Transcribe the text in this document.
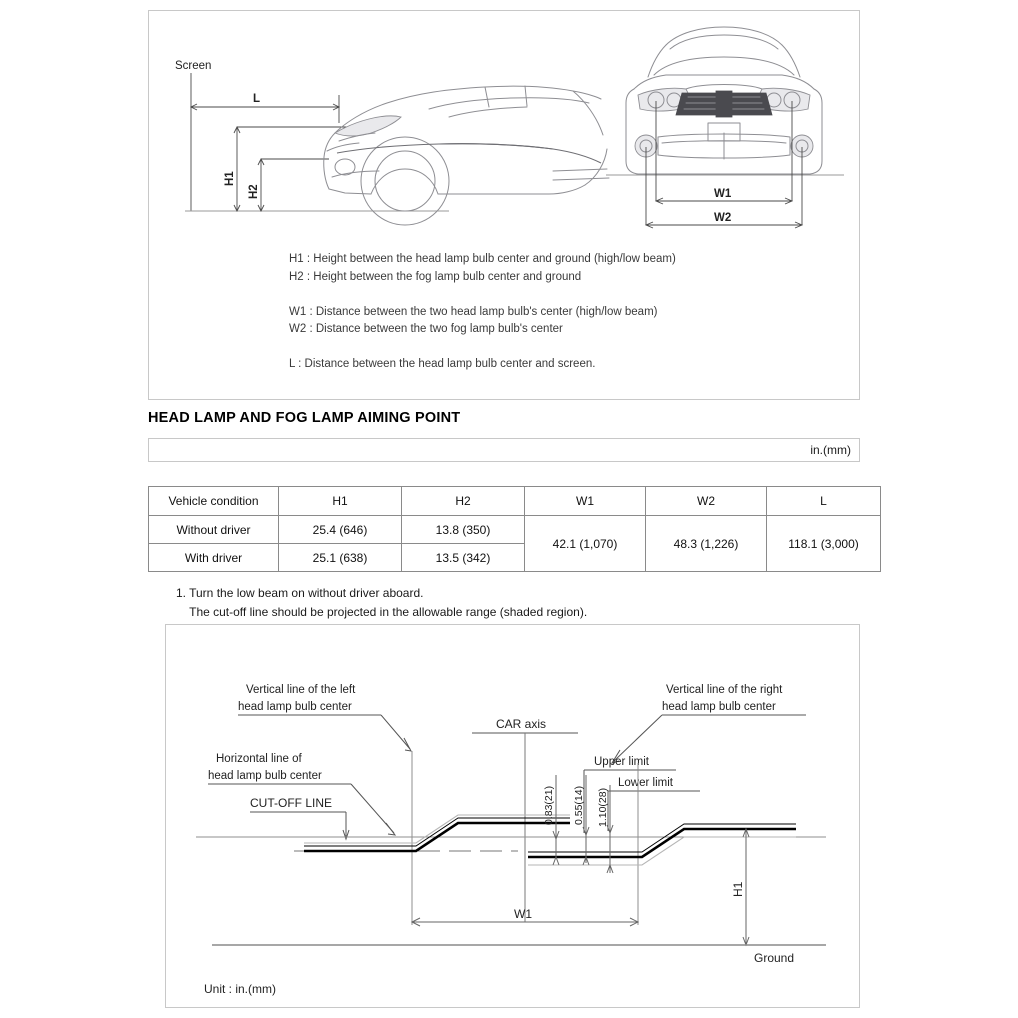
Screen
L
H1
H2	W1
W2
H1 : Height between the head lamp bulb center and ground (high/low beam)
H2 : Height between the fog lamp bulb center and ground

W1 : Distance between the two head lamp bulb's center (high/low beam)
W2 : Distance between the two fog lamp bulb's center

L : Distance between the head lamp bulb center and screen.
HEAD LAMP AND FOG LAMP AIMING POINT
in.(mm)
Vehicle condition	H1	H2	W1	W2	L
Without driver	25.4 (646)	13.8 (350)	42.1 (1,070)	48.3 (1,226)	118.1 (3,000)
With driver	25.1 (638)	13.5 (342)			
1. Turn the low beam on without driver aboard.
The cut-off line should be projected in the allowable range (shaded region).
Vertical line of the left
head lamp bulb center
Horizontal line of
head lamp bulb center
CUT-OFF LINE
Vertical line of the right
head lamp bulb center
CAR axis
Upper limit
Lower limit
0.83(21) 0.55(14) 1.10(28)
W1
H1
Ground
Unit : in.(mm)
